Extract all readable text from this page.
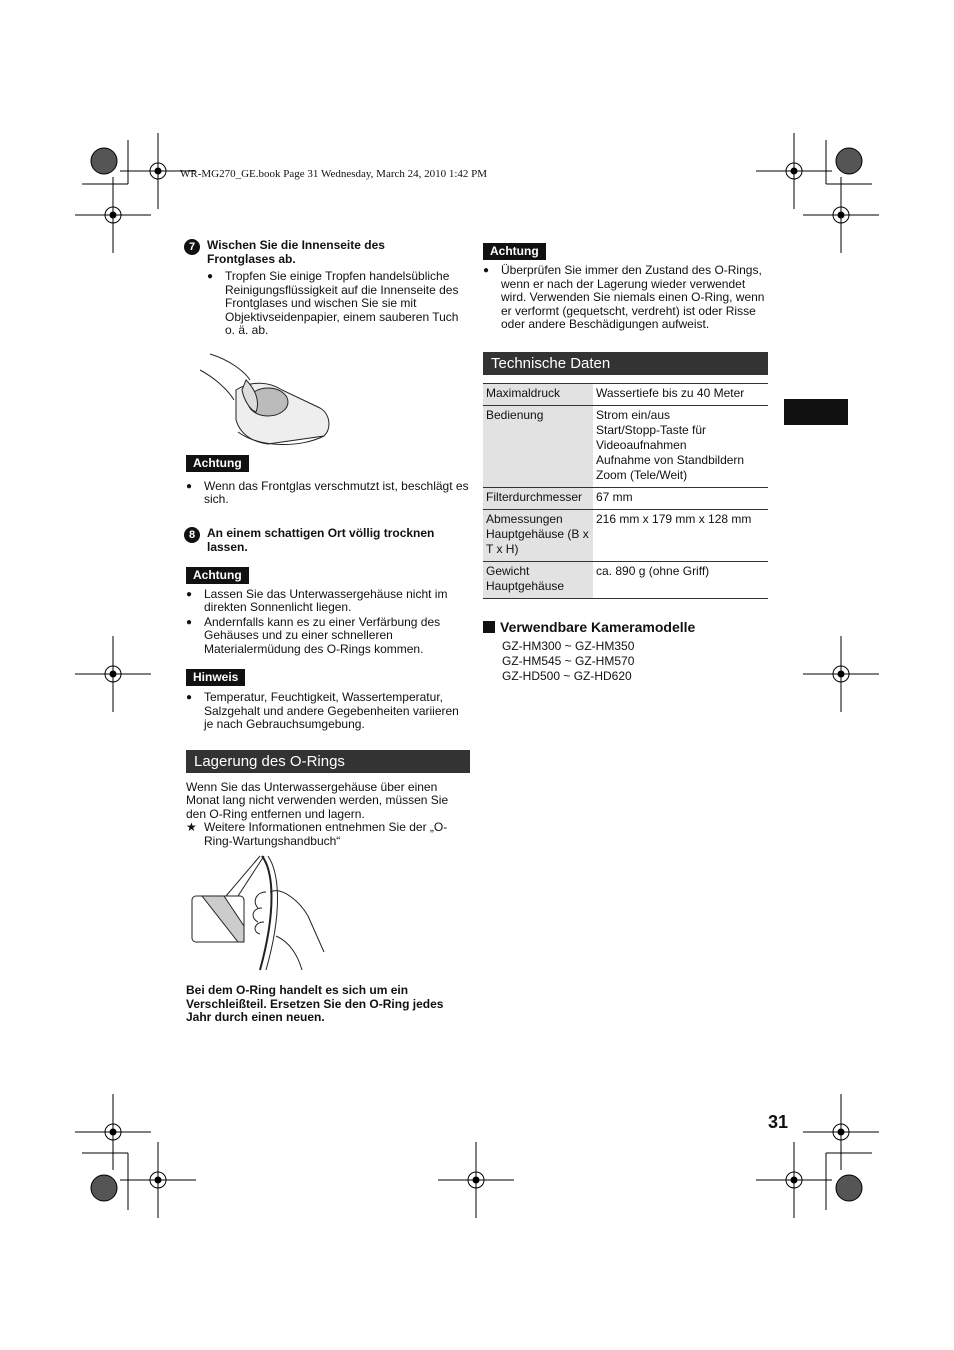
WR-MG270_GE.book Page 31 Wednesday, March 24, 2010 1:42 PM
7 Wischen Sie die Innenseite des Frontglases ab.
● Tropfen Sie einige Tropfen handelsübliche Reinigungsflüssigkeit auf die Innenseite des Frontglases und wischen Sie sie mit Objektivseidenpapier, einem sauberen Tuch o. ä. ab.
Achtung
● Wenn das Frontglas verschmutzt ist, beschlägt es sich.
8 An einem schattigen Ort völlig trocknen lassen.
Achtung
● Lassen Sie das Unterwassergehäuse nicht im direkten Sonnenlicht liegen.
● Andernfalls kann es zu einer Verfärbung des Gehäuses und zu einer schnelleren Materialermüdung des O-Rings kommen.
Hinweis
● Temperatur, Feuchtigkeit, Wassertemperatur, Salzgehalt und andere Gegebenheiten variieren je nach Gebrauchsumgebung.
Lagerung des O-Rings
Wenn Sie das Unterwassergehäuse über einen Monat lang nicht verwenden werden, müssen Sie den O-Ring entfernen und lagern.
★ Weitere Informationen entnehmen Sie der „O-Ring-Wartungshandbuch“
Bei dem O-Ring handelt es sich um ein Verschleißteil. Ersetzen Sie den O-Ring jedes Jahr durch einen neuen.
Achtung
● Überprüfen Sie immer den Zustand des O-Rings, wenn er nach der Lagerung wieder verwendet wird. Verwenden Sie niemals einen O-Ring, wenn er verformt (gequetscht, verdreht) ist oder Risse oder andere Beschädigungen aufweist.
Technische Daten
Maximaldruck	Wassertiefe bis zu 40 Meter
Bedienung	Strom ein/aus
Start/Stopp-Taste für Videoaufnahmen
Aufnahme von Standbildern
Zoom (Tele/Weit)
Filterdurchmesser	67 mm
Abmessungen Hauptgehäuse (B x T x H)	216 mm x 179 mm x 128 mm
Gewicht Hauptgehäuse	ca. 890 g (ohne Griff)
Verwendbare Kameramodelle
GZ-HM300 ~ GZ-HM350
GZ-HM545 ~ GZ-HM570
GZ-HD500 ~ GZ-HD620
31
